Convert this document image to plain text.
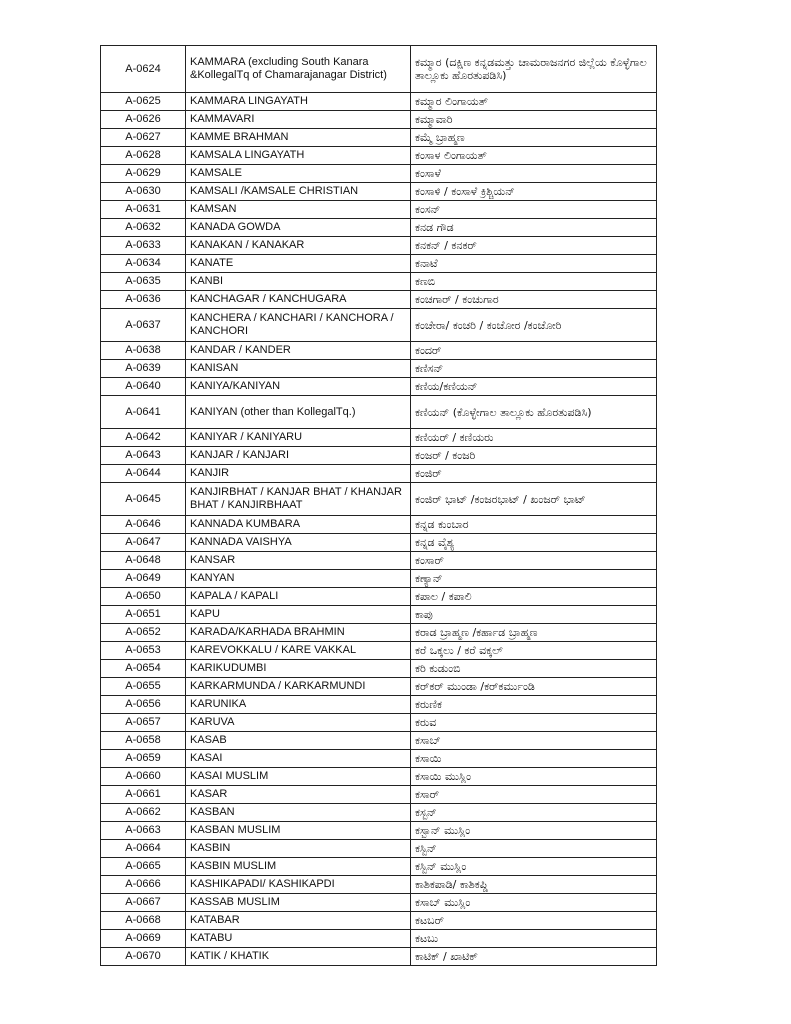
A-0624	KAMMARA (excluding South Kanara &KollegalTq of Chamarajanagar District)	ಕಮ್ಮಾರ (ದಕ್ಷಿಣ ಕನ್ನಡಮತ್ತು ಚಾಮರಾಜನಗರ ಜಿಲ್ಲೆಯ ಕೊಳ್ಳೆಗಾಲ ತಾಲ್ಲೂಕು ಹೊರತುಪಡಿಸಿ)
A-0625	KAMMARA LINGAYATH	ಕಮ್ಮಾರ ಲಿಂಗಾಯತ್
A-0626	KAMMAVARI	ಕಮ್ಮಾವಾರಿ
A-0627	KAMME BRAHMAN	ಕಮ್ಮೆ ಬ್ರಾಹ್ಮಣ
A-0628	KAMSALA LINGAYATH	ಕಂಸಾಳ ಲಿಂಗಾಯತ್
A-0629	KAMSALE	ಕಂಸಾಳೆ
A-0630	KAMSALI /KAMSALE CHRISTIAN	ಕಂಸಾಳಿ / ಕಂಸಾಳೆ ಕ್ರಿಶ್ಚಿಯನ್
A-0631	KAMSAN	ಕಂಸನ್
A-0632	KANADA GOWDA	ಕನಡ ಗೌಡ
A-0633	KANAKAN / KANAKAR	ಕನಕನ್ / ಕನಕರ್
A-0634	KANATE	ಕನಾಟೆ
A-0635	KANBI	ಕಣಬಿ
A-0636	KANCHAGAR / KANCHUGARA	ಕಂಚಗಾರ್ / ಕಂಚುಗಾರ
A-0637	KANCHERA / KANCHARI / KANCHORA / KANCHORI	ಕಂಚೇರಾ/ ಕಂಚರಿ / ಕಂಚೋರ /ಕಂಚೋರಿ
A-0638	KANDAR / KANDER	ಕಂದರ್
A-0639	KANISAN	ಕಣಿಸನ್
A-0640	KANIYA/KANIYAN	ಕಣಿಯ/ಕಣಿಯನ್
A-0641	KANIYAN (other than KollegalTq.)	ಕಣಿಯನ್ (ಕೊಳ್ಳೇಗಾಲ ತಾಲ್ಲೂಕು ಹೊರತುಪಡಿಸಿ)
A-0642	KANIYAR / KANIYARU	ಕಣಿಯರ್ / ಕಣಿಯರು
A-0643	KANJAR / KANJARI	ಕಂಜರ್ / ಕಂಜರಿ
A-0644	KANJIR	ಕಂಜಿರ್
A-0645	KANJIRBHAT / KANJAR BHAT / KHANJAR BHAT / KANJIRBHAAT	ಕಂಜಿರ್ ಭಾಟ್ /ಕಂಜರಭಾಟ್ / ಖಂಜರ್ ಭಾಟ್
A-0646	KANNADA KUMBARA	ಕನ್ನಡ ಕುಂಬಾರ
A-0647	KANNADA VAISHYA	ಕನ್ನಡ ವೈಶ್ಯ
A-0648	KANSAR	ಕಂಸಾರ್
A-0649	KANYAN	ಕಣ್ಯಾನ್
A-0650	KAPALA / KAPALI	ಕಪಾಲ / ಕಪಾಲಿ
A-0651	KAPU	ಕಾಪು
A-0652	KARADA/KARHADA BRAHMIN	ಕರಾಡ ಬ್ರಾಹ್ಮಣ /ಕರ್ಹಾಡ ಬ್ರಾಹ್ಮಣ
A-0653	KAREVOKKALU / KARE VAKKAL	ಕರೆ ಒಕ್ಕಲು / ಕರೆ ವಕ್ಕಲ್
A-0654	KARIKUDUMBI	ಕರಿ ಕುಡುಂಬಿ
A-0655	KARKARMUNDA / KARKARMUNDI	ಕರ್‌ಕರ್ ಮುಂಡಾ /ಕರ್‌ಕರ್ಮುಂಡಿ
A-0656	KARUNIKA	ಕರುಣಿಕ
A-0657	KARUVA	ಕರುವ
A-0658	KASAB	ಕಸಾಬ್
A-0659	KASAI	ಕಸಾಯಿ
A-0660	KASAI MUSLIM	ಕಸಾಯಿ ಮುಸ್ಲಿಂ
A-0661	KASAR	ಕಸಾರ್
A-0662	KASBAN	ಕಸ್ಬನ್
A-0663	KASBAN MUSLIM	ಕಸ್ಬಾನ್ ಮುಸ್ಲಿಂ
A-0664	KASBIN	ಕಸ್ಬಿನ್
A-0665	KASBIN MUSLIM	ಕಸ್ಬಿನ್ ಮುಸ್ಲಿಂ
A-0666	KASHIKAPADI/ KASHIKAPDI	ಕಾಶಿಕಪಾಡಿ/ ಕಾಶಿಕಪ್ಡಿ
A-0667	KASSAB MUSLIM	ಕಸಾಬ್ ಮುಸ್ಲಿಂ
A-0668	KATABAR	ಕಟಬರ್
A-0669	KATABU	ಕಟಬು
A-0670	KATIK / KHATIK	ಕಾಟಿಕ್ / ಖಾಟಿಕ್
